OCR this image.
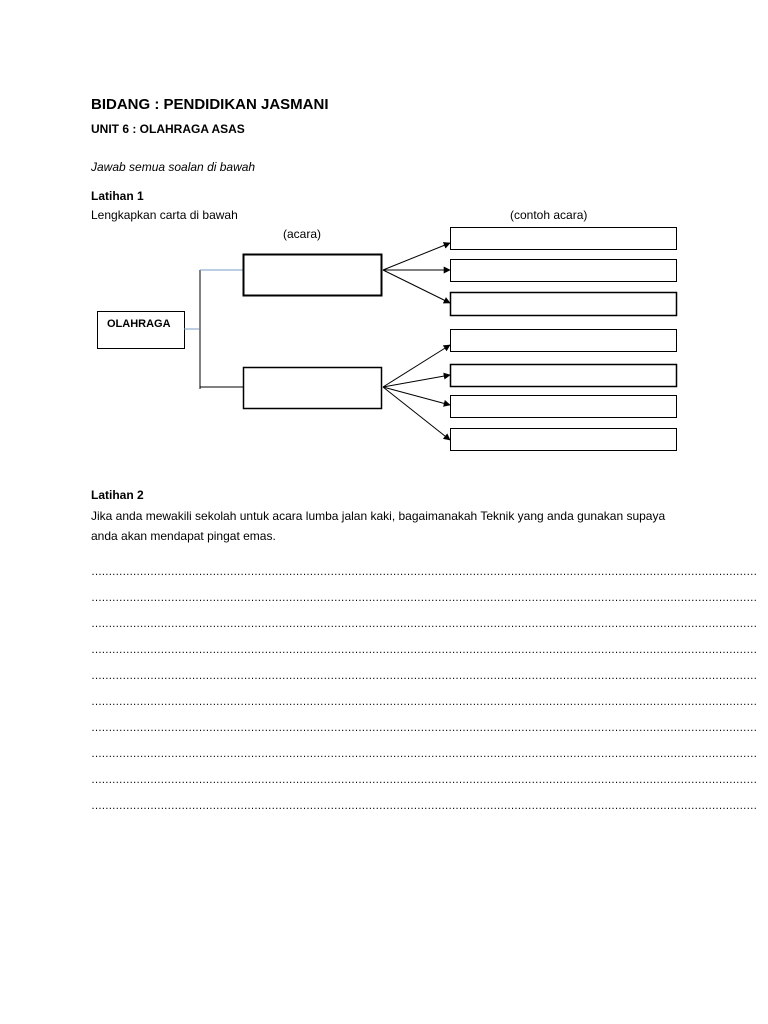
BIDANG : PENDIDIKAN JASMANI
UNIT 6 : OLAHRAGA ASAS
Jawab semua soalan di bawah
Latihan 1
Lengkapkan carta di bawah	(contoh acara)
(acara)
OLAHRAGA
Latihan 2
Jika anda mewakili sekolah untuk acara lumba jalan kaki, bagaimanakah Teknik yang anda gunakan supaya anda akan mendapat pingat emas.
…………………………………………………………………………………………………………………………………………………………………………
…………………………………………………………………………………………………………………………………………………………………………
…………………………………………………………………………………………………………………………………………………………………………
…………………………………………………………………………………………………………………………………………………………………………
…………………………………………………………………………………………………………………………………………………………………………
…………………………………………………………………………………………………………………………………………………………………………
…………………………………………………………………………………………………………………………………………………………………………
…………………………………………………………………………………………………………………………………………………………………………
…………………………………………………………………………………………………………………………………………………………………………
…………………………………………………………………………………………………………………………………………………………………………
